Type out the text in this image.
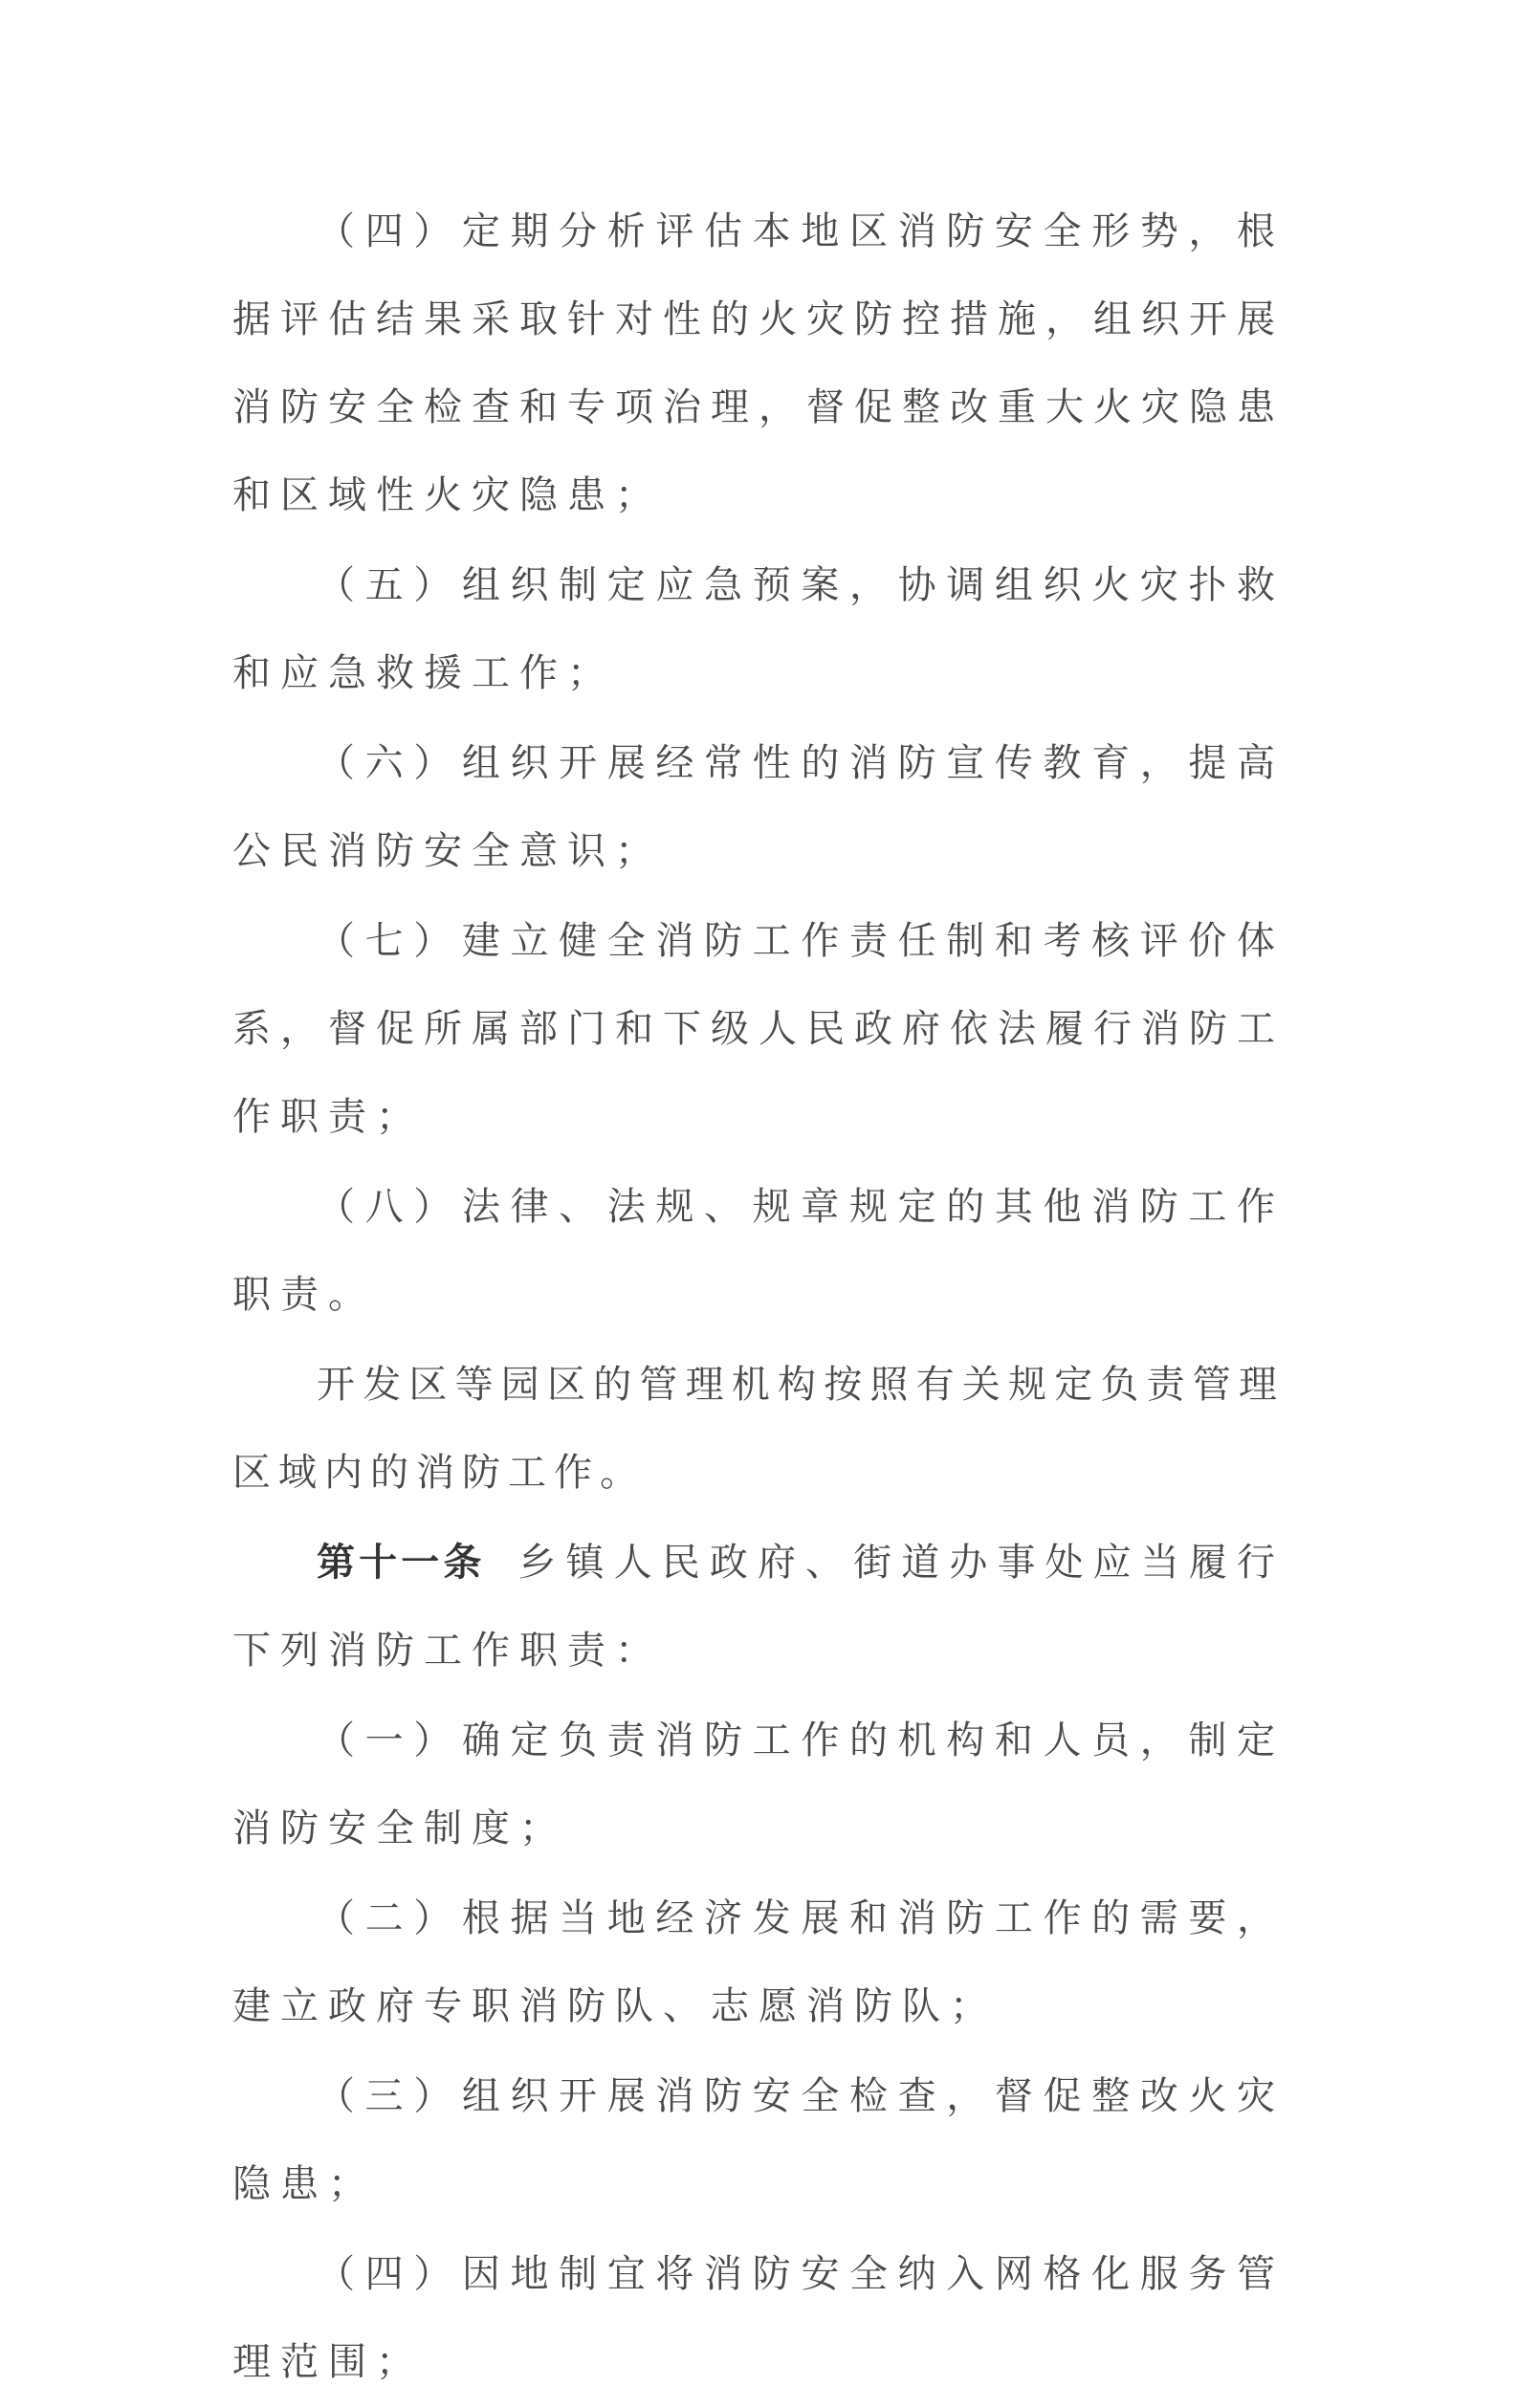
（四）定期分析评估本地区消防安全形势，根据评估结果采取针对性的火灾防控措施，组织开展消防安全检查和专项治理，督促整改重大火灾隐患和区域性火灾隐患；

（五）组织制定应急预案，协调组织火灾扑救和应急救援工作；

（六）组织开展经常性的消防宣传教育，提高公民消防安全意识；

（七）建立健全消防工作责任制和考核评价体系，督促所属部门和下级人民政府依法履行消防工作职责；

（八）法律、法规、规章规定的其他消防工作职责。

开发区等园区的管理机构按照有关规定负责管理区域内的消防工作。

第十一条 乡镇人民政府、街道办事处应当履行下列消防工作职责：

（一）确定负责消防工作的机构和人员，制定消防安全制度；

（二）根据当地经济发展和消防工作的需要，建立政府专职消防队、志愿消防队；

（三）组织开展消防安全检查，督促整改火灾隐患；

（四）因地制宜将消防安全纳入网格化服务管理范围；
